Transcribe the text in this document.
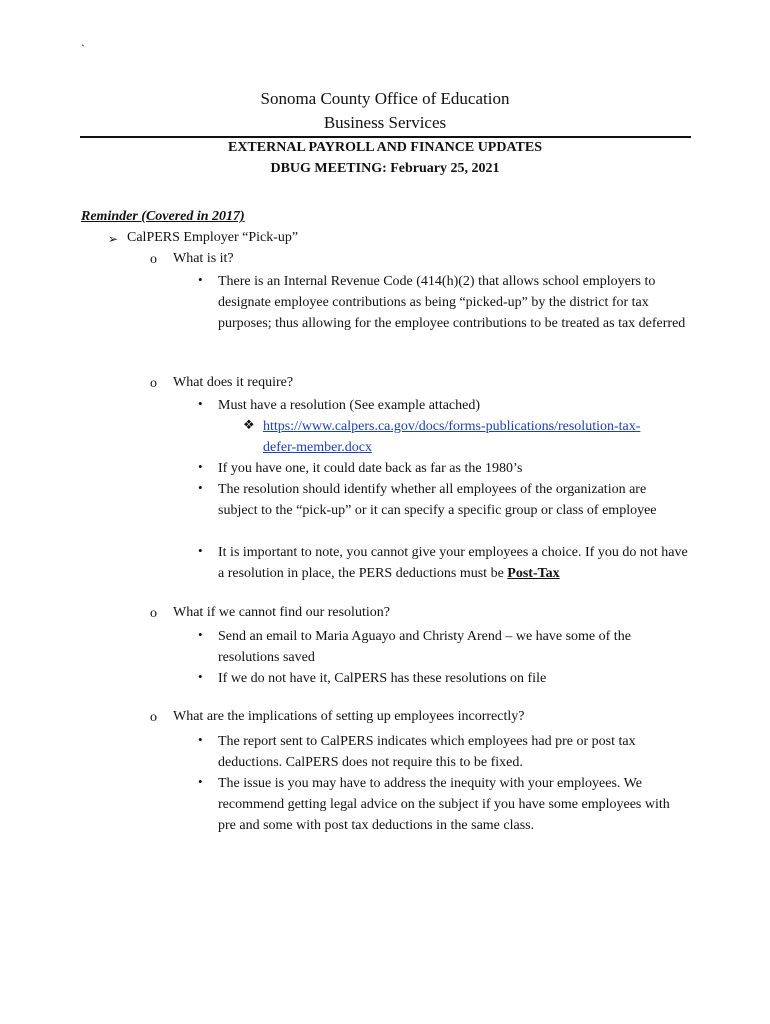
`
Sonoma County Office of Education
Business Services
EXTERNAL PAYROLL AND FINANCE UPDATES
DBUG MEETING: February 25, 2021
Reminder (Covered in 2017)
➢ CalPERS Employer “Pick-up”
o What is it?
• There is an Internal Revenue Code (414(h)(2) that allows school employers to designate employee contributions as being “picked-up” by the district for tax purposes; thus allowing for the employee contributions to be treated as tax deferred
o What does it require?
• Must have a resolution (See example attached)
❖ https://www.calpers.ca.gov/docs/forms-publications/resolution-tax-
defer-member.docx
• If you have one, it could date back as far as the 1980’s
• The resolution should identify whether all employees of the organization are subject to the “pick-up” or it can specify a specific group or class of employee
• It is important to note, you cannot give your employees a choice. If you do not have a resolution in place, the PERS deductions must be Post-Tax
o What if we cannot find our resolution?
• Send an email to Maria Aguayo and Christy Arend – we have some of the resolutions saved
• If we do not have it, CalPERS has these resolutions on file
o What are the implications of setting up employees incorrectly?
• The report sent to CalPERS indicates which employees had pre or post tax deductions. CalPERS does not require this to be fixed.
• The issue is you may have to address the inequity with your employees. We recommend getting legal advice on the subject if you have some employees with pre and some with post tax deductions in the same class.
